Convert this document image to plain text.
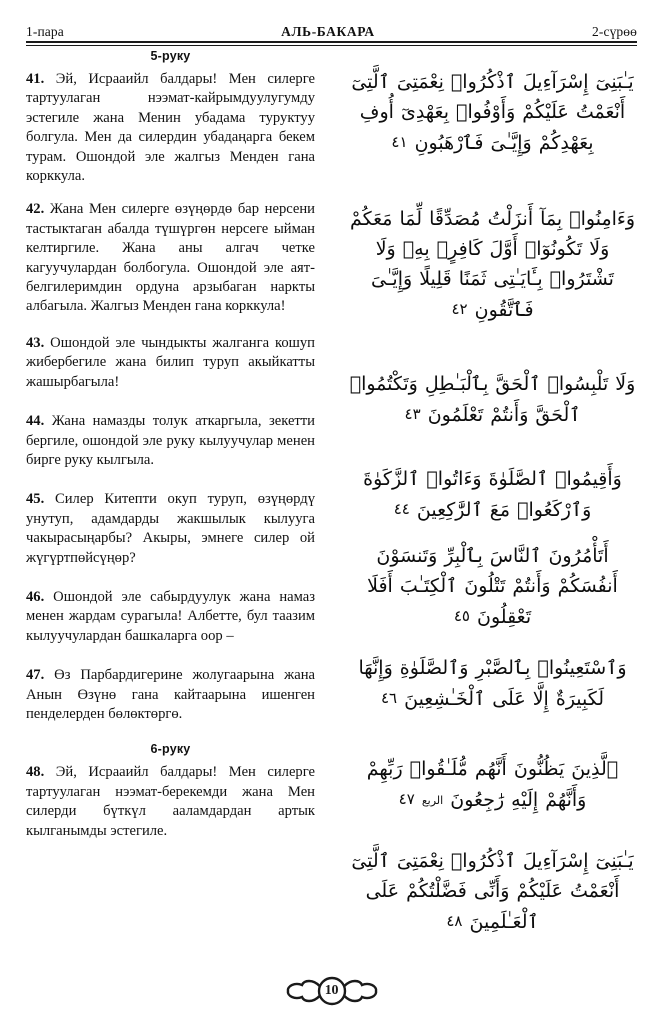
1-пара	АЛЬ-БАКАРА	2-сүрөө
5-руку

41. Эй, Исрааийл балдары! Мен силерге тартуулаган нээмат-кайрымдуулугумду эстегиле жана Менин убадама туруктуу болгула. Мен да силердин убадаңарга бекем турам. Ошондой эле жалгыз Менден гана корккула.

42. Жана Мен силерге өзүңөрдө бар нерсени тастыктаган абалда түшүргөн нерсеге ыйман келтиргиле. Жана аны алгач четке кагуучулардан болбогула. Ошондой эле аят-белгилеримдин ордуна арзыбаган наркты албагыла. Жалгыз Менден гана корккула!

43. Ошондой эле чындыкты жалганга кошуп жибербегиле жана билип туруп акыйкатты жашырбагыла!

44. Жана намазды толук аткаргыла, зекетти бергиле, ошондой эле руку кылуучулар менен бирге руку кылгыла.

45. Силер Китепти окуп туруп, өзүңөрдү унутуп, адамдарды жакшылык кылууга чакырасыңарбы? Акыры, эмнеге силер ой жүгүртпөйсүңөр?

46. Ошондой эле сабырдуулук жана намаз менен жардам сурагыла! Албетте, бул таазим кылуучулардан башкаларга оор –

47. Өз Парбардигерине жолугаарына жана Анын Өзүнө гана кайтаарына ишенген пенделерден бөлөктөргө.

6-руку

48. Эй, Исрааийл балдары! Мен силерге тартуулаган нээмат-берекемди жана Мен силерди бүткүл ааламдардан артык кылганымды эстегиле.

يَـٰبَنِىٓ إِسْرَآءِيلَ ٱذْكُرُوا۟ نِعْمَتِىَ ٱلَّتِىٓ أَنْعَمْتُ عَلَيْكُمْ وَأَوْفُوا۟ بِعَهْدِىٓ أُوفِ بِعَهْدِكُمْ وَإِيَّـٰىَ فَٱرْهَبُونِ ٤١

وَءَامِنُوا۟ بِمَآ أَنزَلْتُ مُصَدِّقًا لِّمَا مَعَكُمْ وَلَا تَكُونُوٓا۟ أَوَّلَ كَافِرٍۭ بِهِۦ وَلَا تَشْتَرُوا۟ بِـَٔايَـٰتِى ثَمَنًا قَلِيلًا وَإِيَّـٰىَ فَٱتَّقُونِ ٤٢

وَلَا تَلْبِسُوا۟ ٱلْحَقَّ بِٱلْبَـٰطِلِ وَتَكْتُمُوا۟ ٱلْحَقَّ وَأَنتُمْ تَعْلَمُونَ ٤٣

وَأَقِيمُوا۟ ٱلصَّلَوٰةَ وَءَاتُوا۟ ٱلزَّكَوٰةَ وَٱرْكَعُوا۟ مَعَ ٱلرَّٰكِعِينَ ٤٤

أَتَأْمُرُونَ ٱلنَّاسَ بِٱلْبِرِّ وَتَنسَوْنَ أَنفُسَكُمْ وَأَنتُمْ تَتْلُونَ ٱلْكِتَـٰبَ أَفَلَا تَعْقِلُونَ ٤٥

وَٱسْتَعِينُوا۟ بِٱلصَّبْرِ وَٱلصَّلَوٰةِ وَإِنَّهَا لَكَبِيرَةٌ إِلَّا عَلَى ٱلْخَـٰشِعِينَ ٤٦

ٱلَّذِينَ يَظُنُّونَ أَنَّهُم مُّلَـٰقُوا۟ رَبِّهِمْ وَأَنَّهُمْ إِلَيْهِ رَٰجِعُونَ الربع ٤٧

يَـٰبَنِىٓ إِسْرَآءِيلَ ٱذْكُرُوا۟ نِعْمَتِىَ ٱلَّتِىٓ أَنْعَمْتُ عَلَيْكُمْ وَأَنِّى فَضَّلْتُكُمْ عَلَى ٱلْعَـٰلَمِينَ ٤٨

10
